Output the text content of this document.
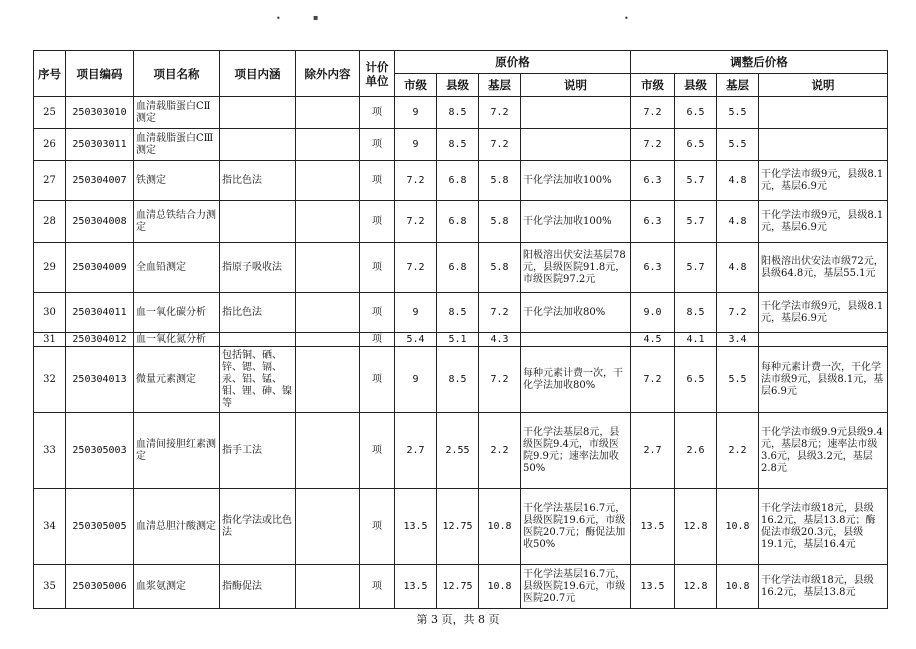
•	▪	•
序号	项目编码	项目名称	项目内涵	除外内容	计价单位	原价格				调整后价格			
						市级	县级	基层	说明	市级	县级	基层	说明
25	250303010	血清载脂蛋白CⅡ测定			项	9	8.5	7.2		7.2	6.5	5.5	
26	250303011	血清载脂蛋白CⅢ测定			项	9	8.5	7.2		7.2	6.5	5.5	
27	250304007	铁测定	指比色法		项	7.2	6.8	5.8	干化学法加收100%	6.3	5.7	4.8	干化学法市级9元，县级8.1元，基层6.9元
28	250304008	血清总铁结合力测定			项	7.2	6.8	5.8	干化学法加收100%	6.3	5.7	4.8	干化学法市级9元，县级8.1元，基层6.9元
29	250304009	全血铅测定	指原子吸收法		项	7.2	6.8	5.8	阳极溶出伏安法基层78元，县级医院91.8元，市级医院97.2元	6.3	5.7	4.8	阳极溶出伏安法市级72元，县级64.8元，基层55.1元
30	250304011	血一氧化碳分析	指比色法		项	9	8.5	7.2	干化学法加收80%	9.0	8.5	7.2	干化学法市级9元，县级8.1元，基层6.9元
31	250304012	血一氧化氮分析			项	5.4	5.1	4.3		4.5	4.1	3.4	
32	250304013	微量元素测定	包括铜、硒、锌、锶、镉、汞、铝、锰、钼、锂、砷、镍等		项	9	8.5	7.2	每种元素计费一次，干化学法加收80%	7.2	6.5	5.5	每种元素计费一次，干化学法市级9元，县级8.1元，基层6.9元
33	250305003	血清间接胆红素测定	指手工法		项	2.7	2.55	2.2	干化学法基层8元，县级医院9.4元，市级医院9.9元；速率法加收50%	2.7	2.6	2.2	干化学法市级9.9元县级9.4元，基层8元；速率法市级3.6元，县级3.2元，基层2.8元
34	250305005	血清总胆汁酸测定	指化学法或比色法		项	13.5	12.75	10.8	干化学法基层16.7元，县级医院19.6元，市级医院20.7元；酶促法加收50%	13.5	12.8	10.8	干化学法市级18元，县级16.2元，基层13.8元；酶促法市级20.3元，县级19.1元，基层16.4元
35	250305006	血浆氨测定	指酶促法		项	13.5	12.75	10.8	干化学法基层16.7元，县级医院19.6元，市级医院20.7元	13.5	12.8	10.8	干化学法市级18元，县级16.2元，基层13.8元
第 3 页，共 8 页
